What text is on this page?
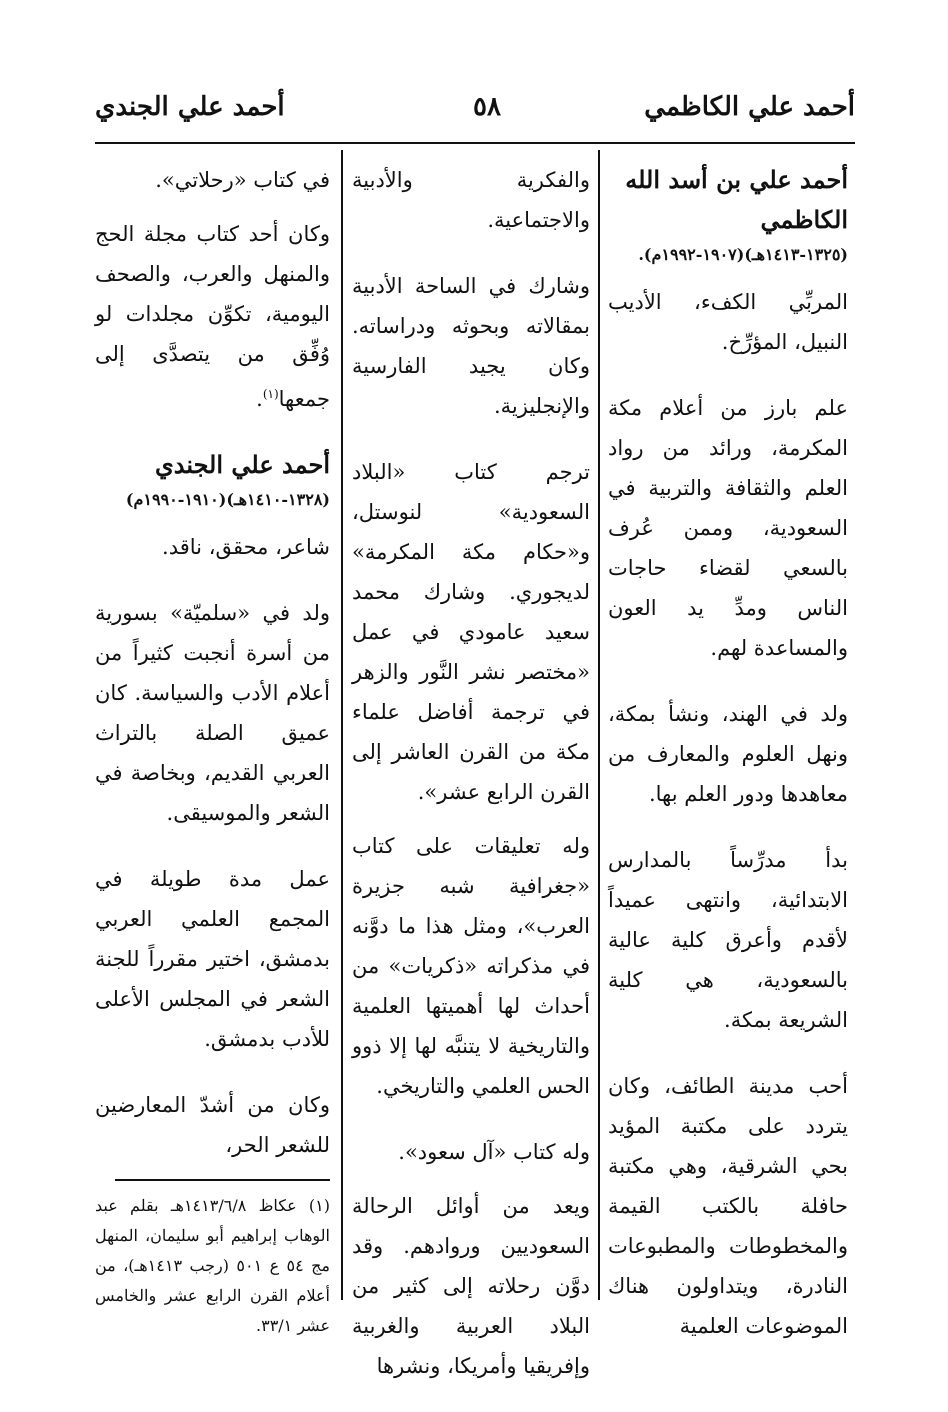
أحمد علي الكاظمي
٥٨
أحمد علي الجندي
أحمد علي بن أسد الله الكاظمي
(١٣٢٥-١٤١٣هـ)(١٩٠٧-١٩٩٢م).

المربِّي الكفء، الأديب النبيل، المؤرِّخ.

علم بارز من أعلام مكة المكرمة، ورائد من رواد العلم والثقافة والتربية في السعودية، وممن عُرف بالسعي لقضاء حاجات الناس ومدِّ يد العون والمساعدة لهم.

ولد في الهند، ونشأ بمكة، ونهل العلوم والمعارف من معاهدها ودور العلم بها.

بدأ مدرِّساً بالمدارس الابتدائية، وانتهى عميداً لأقدم وأعرق كلية عالية بالسعودية، هي كلية الشريعة بمكة.

أحب مدينة الطائف، وكان يتردد على مكتبة المؤيد بحي الشرقية، وهي مكتبة حافلة بالكتب القيمة والمخطوطات والمطبوعات النادرة، ويتداولون هناك الموضوعات العلمية

والفكرية والأدبية والاجتماعية.

وشارك في الساحة الأدبية بمقالاته وبحوثه ودراساته. وكان يجيد الفارسية والإنجليزية.

ترجم كتاب «البلاد السعودية» لنوستل، و«حكام مكة المكرمة» لديجوري. وشارك محمد سعيد عامودي في عمل «مختصر نشر النَّور والزهر في ترجمة أفاضل علماء مكة من القرن العاشر إلى القرن الرابع عشر».

وله تعليقات على كتاب «جغرافية شبه جزيرة العرب»، ومثل هذا ما دوَّنه في مذكراته «ذكريات» من أحداث لها أهميتها العلمية والتاريخية لا يتنبَّه لها إلا ذوو الحس العلمي والتاريخي.

وله كتاب «آل سعود».

ويعد من أوائل الرحالة السعوديين وروادهم. وقد دوَّن رحلاته إلى كثير من البلاد العربية والغربية وإفريقيا وأمريكا، ونشرها

في كتاب «رحلاتي».

وكان أحد كتاب مجلة الحج والمنهل والعرب، والصحف اليومية، تكوِّن مجلدات لو وُفِّق من يتصدَّى إلى جمعها$^{(١)}$.

أحمد علي الجندي
(١٣٢٨-١٤١٠هـ)(١٩١٠-١٩٩٠م)

شاعر، محقق، ناقد.

ولد في «سلميّة» بسورية من أسرة أنجبت كثيراً من أعلام الأدب والسياسة. كان عميق الصلة بالتراث العربي القديم، وبخاصة في الشعر والموسيقى.

عمل مدة طويلة في المجمع العلمي العربي بدمشق، اختير مقرراً للجنة الشعر في المجلس الأعلى للأدب بدمشق.

وكان من أشدّ المعارضين للشعر الحر،

(١) عكاظ ١٤١٣/٦/٨هـ بقلم عبد الوهاب إبراهيم أبو سليمان، المنهل مج ٥٤ ع ٥٠١ (رجب ١٤١٣هـ)، من أعلام القرن الرابع عشر والخامس عشر ٣٣/١.
